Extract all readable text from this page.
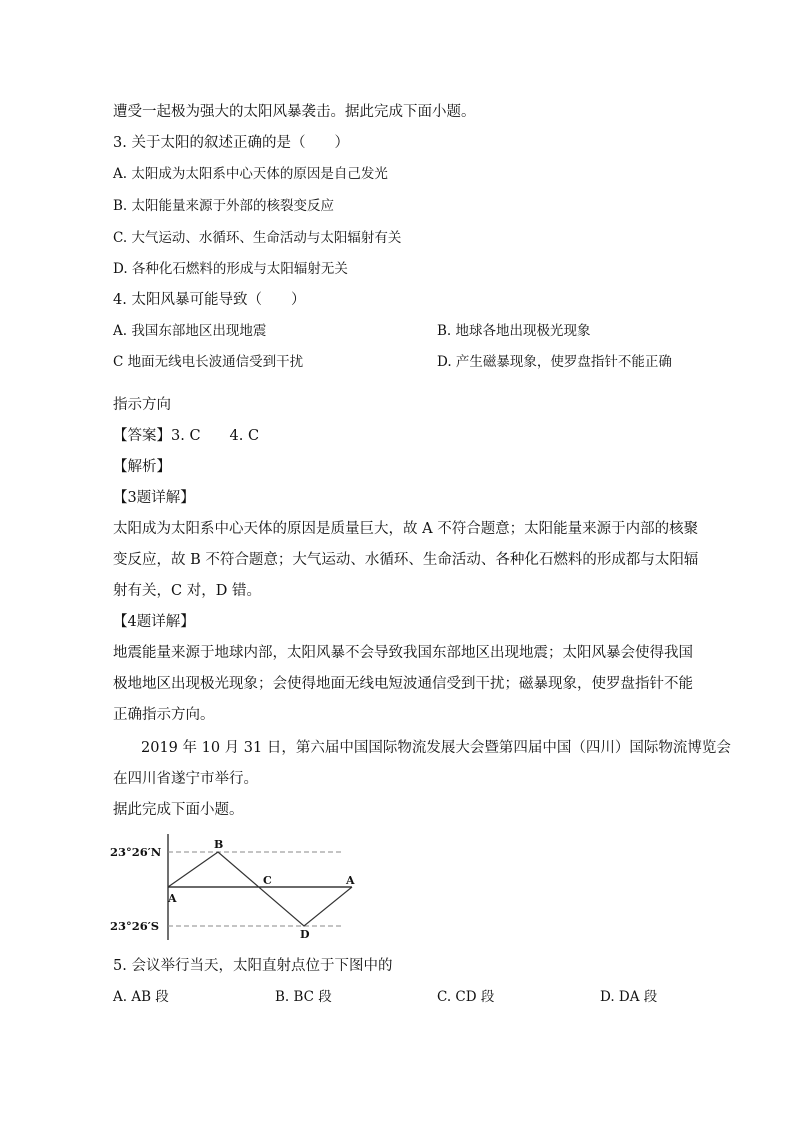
遭受一起极为强大的太阳风暴袭击。据此完成下面小题。
3. 关于太阳的叙述正确的是（　　）
A. 太阳成为太阳系中心天体的原因是自己发光
B. 太阳能量来源于外部的核裂变反应
C. 大气运动、水循环、生命活动与太阳辐射有关
D. 各种化石燃料的形成与太阳辐射无关
4. 太阳风暴可能导致（　　）
A. 我国东部地区出现地震	B. 地球各地出现极光现象
C 地面无线电长波通信受到干扰	D. 产生磁暴现象，使罗盘指针不能正确
指示方向
【答案】3. C　　4. C
【解析】
【3题详解】
太阳成为太阳系中心天体的原因是质量巨大，故 A 不符合题意；太阳能量来源于内部的核聚
变反应，故 B 不符合题意；大气运动、水循环、生命活动、各种化石燃料的形成都与太阳辐
射有关，C 对，D 错。
【4题详解】
地震能量来源于地球内部，太阳风暴不会导致我国东部地区出现地震；太阳风暴会使得我国
极地地区出现极光现象；会使得地面无线电短波通信受到干扰；磁暴现象，使罗盘指针不能
正确指示方向。
2019 年 10 月 31 日，第六届中国国际物流发展大会暨第四届中国（四川）国际物流博览会
在四川省遂宁市举行。
据此完成下面小题。
23°26′N
23°26′S
A
B
C	A
D
5. 会议举行当天，太阳直射点位于下图中的
A. AB 段	B. BC 段	C. CD 段	D. DA 段
